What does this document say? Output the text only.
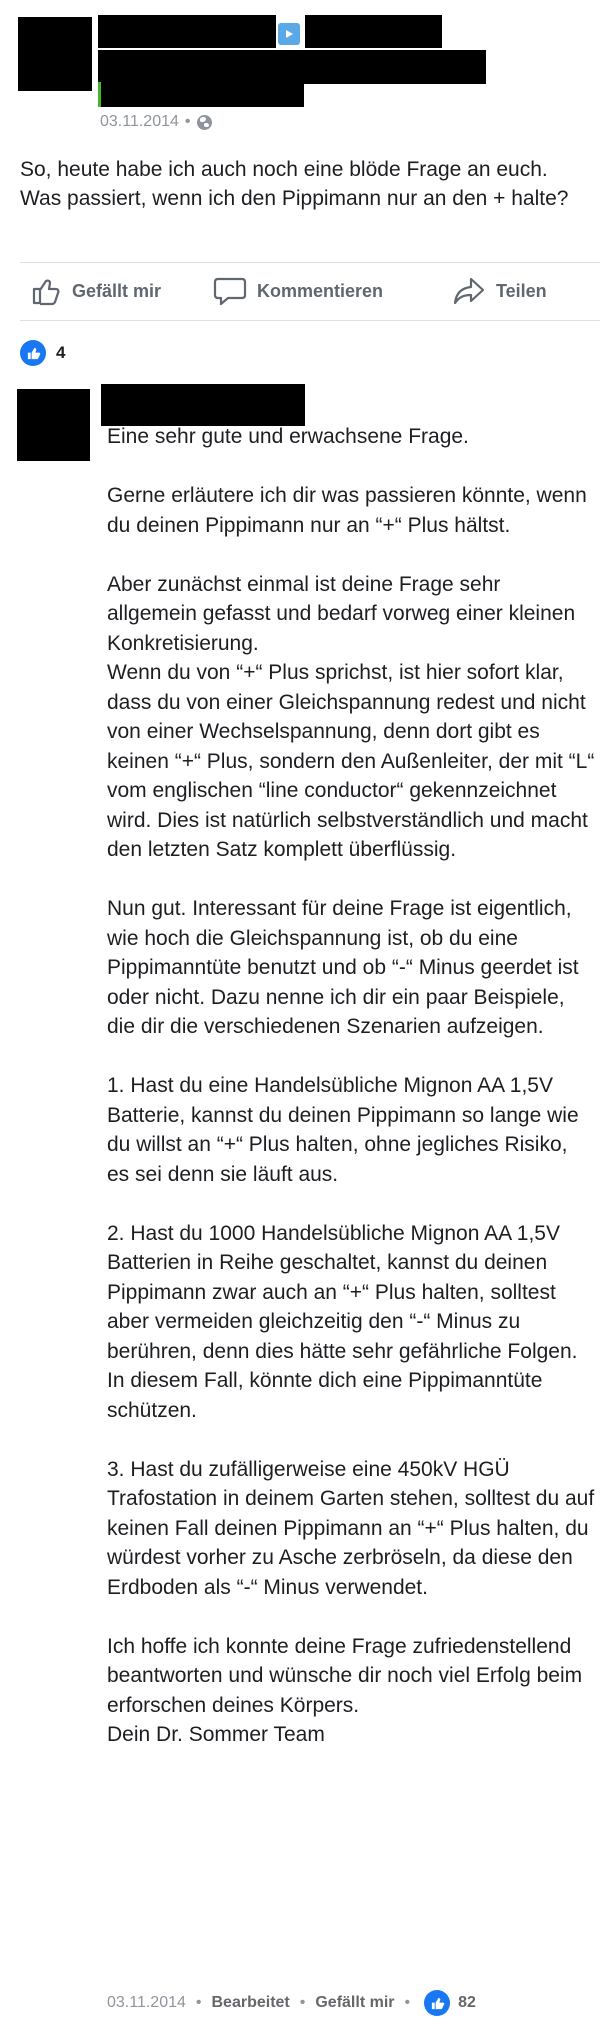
03.11.2014 •
So, heute habe ich auch noch eine blöde Frage an euch. Was passiert, wenn ich den Pippimann nur an den + halte?
Gefällt mir	Kommentieren	Teilen
4

Eine sehr gute und erwachsene Frage.

Gerne erläutere ich dir was passieren könnte, wenn du deinen Pippimann nur an “+“ Plus hältst.

Aber zunächst einmal ist deine Frage sehr allgemein gefasst und bedarf vorweg einer kleinen Konkretisierung.
Wenn du von “+“ Plus sprichst, ist hier sofort klar, dass du von einer Gleichspannung redest und nicht von einer Wechselspannung, denn dort gibt es keinen “+“ Plus, sondern den Außenleiter, der mit “L“ vom englischen “line conductor“ gekennzeichnet wird. Dies ist natürlich selbstverständlich und macht den letzten Satz komplett überflüssig.

Nun gut. Interessant für deine Frage ist eigentlich, wie hoch die Gleichspannung ist, ob du eine Pippimanntüte benutzt und ob “-“ Minus geerdet ist oder nicht. Dazu nenne ich dir ein paar Beispiele, die dir die verschiedenen Szenarien aufzeigen.

1. Hast du eine Handelsübliche Mignon AA 1,5V Batterie, kannst du deinen Pippimann so lange wie du willst an “+“ Plus halten, ohne jegliches Risiko, es sei denn sie läuft aus.

2. Hast du 1000 Handelsübliche Mignon AA 1,5V Batterien in Reihe geschaltet, kannst du deinen Pippimann zwar auch an “+“ Plus halten, solltest aber vermeiden gleichzeitig den “-“ Minus zu berühren, denn dies hätte sehr gefährliche Folgen. In diesem Fall, könnte dich eine Pippimanntüte schützen.

3. Hast du zufälligerweise eine 450kV HGÜ Trafostation in deinem Garten stehen, solltest du auf keinen Fall deinen Pippimann an “+“ Plus halten, du würdest vorher zu Asche zerbröseln, da diese den Erdboden als “-“ Minus verwendet.

Ich hoffe ich konnte deine Frage zufriedenstellend beantworten und wünsche dir noch viel Erfolg beim erforschen deines Körpers.
Dein Dr. Sommer Team

03.11.2014 • Bearbeitet • Gefällt mir •	82
